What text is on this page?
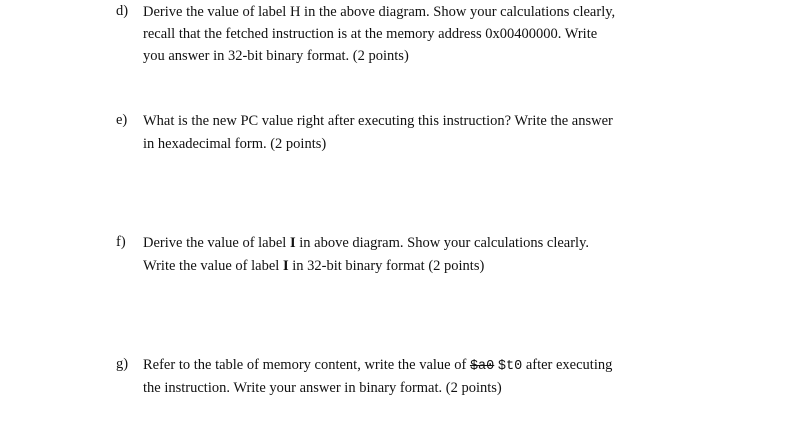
d) Derive the value of label H in the above diagram. Show your calculations clearly,
recall that the fetched instruction is at the memory address 0x00400000. Write
you answer in 32-bit binary format. (2 points)
e) What is the new PC value right after executing this instruction? Write the answer
in hexadecimal form. (2 points)
f) Derive the value of label I in above diagram. Show your calculations clearly.
Write the value of label I in 32-bit binary format (2 points)
g) Refer to the table of memory content, write the value of $a0 $t0 after executing
the instruction. Write your answer in binary format. (2 points)
